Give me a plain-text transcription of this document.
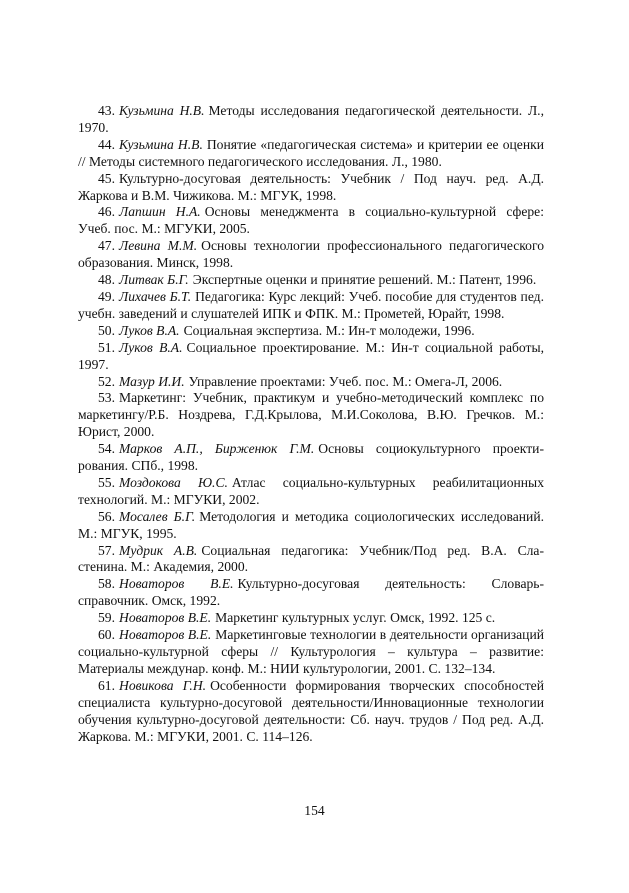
43. Кузьмина Н.В. Методы исследования педагогической деятельности. Л., 1970.
44. Кузьмина Н.В. Понятие «педагогическая система» и критерии ее оценки // Методы системного педагогического исследования. Л., 1980.
45. Культурно-досуговая деятельность: Учебник / Под науч. ред. А.Д. Жаркова и В.М. Чижикова. М.: МГУК, 1998.
46. Лапшин Н.А. Основы менеджмента в социально-культурной сфере: Учеб. пос. М.: МГУКИ, 2005.
47. Левина М.М. Основы технологии профессионального педагогического образования. Минск, 1998.
48. Литвак Б.Г. Экспертные оценки и принятие решений. М.: Патент, 1996.
49. Лихачев Б.Т. Педагогика: Курс лекций: Учеб. пособие для студентов пед. учебн. заведений и слушателей ИПК и ФПК. М.: Прометей, Юрайт, 1998.
50. Луков В.А. Социальная экспертиза. М.: Ин-т молодежи, 1996.
51. Луков В.А. Социальное проектирование. М.: Ин-т социальной работы, 1997.
52. Мазур И.И. Управление проектами: Учеб. пос. М.: Омега-Л, 2006.
53. Маркетинг: Учебник, практикум и учебно-методический комплекс по маркетингу/Р.Б. Ноздрева, Г.Д.Крылова, М.И.Соколова, В.Ю. Гречков. М.: Юрист, 2000.
54. Марков А.П., Бирженюк Г.М. Основы социокультурного проектирования. СПб., 1998.
55. Моздокова Ю.С. Атлас социально-культурных реабилитационных технологий. М.: МГУКИ, 2002.
56. Мосалев Б.Г. Методология и методика социологических исследований. М.: МГУК, 1995.
57. Мудрик А.В. Социальная педагогика: Учебник/Под ред. В.А. Сластенина. М.: Академия, 2000.
58. Новаторов В.Е. Культурно-досуговая деятельность: Словарь-справочник. Омск, 1992.
59. Новаторов В.Е. Маркетинг культурных услуг. Омск, 1992. 125 с.
60. Новаторов В.Е. Маркетинговые технологии в деятельности организаций социально-культурной сферы // Культурология – культура – развитие: Материалы междунар. конф. М.: НИИ культурологии, 2001. С. 132–134.
61. Новикова Г.Н. Особенности формирования творческих способностей специалиста культурно-досуговой деятельности/Инновационные технологии обучения культурно-досуговой деятельности: Сб. науч. трудов / Под ред. А.Д. Жаркова. М.: МГУКИ, 2001. С. 114–126.
154
